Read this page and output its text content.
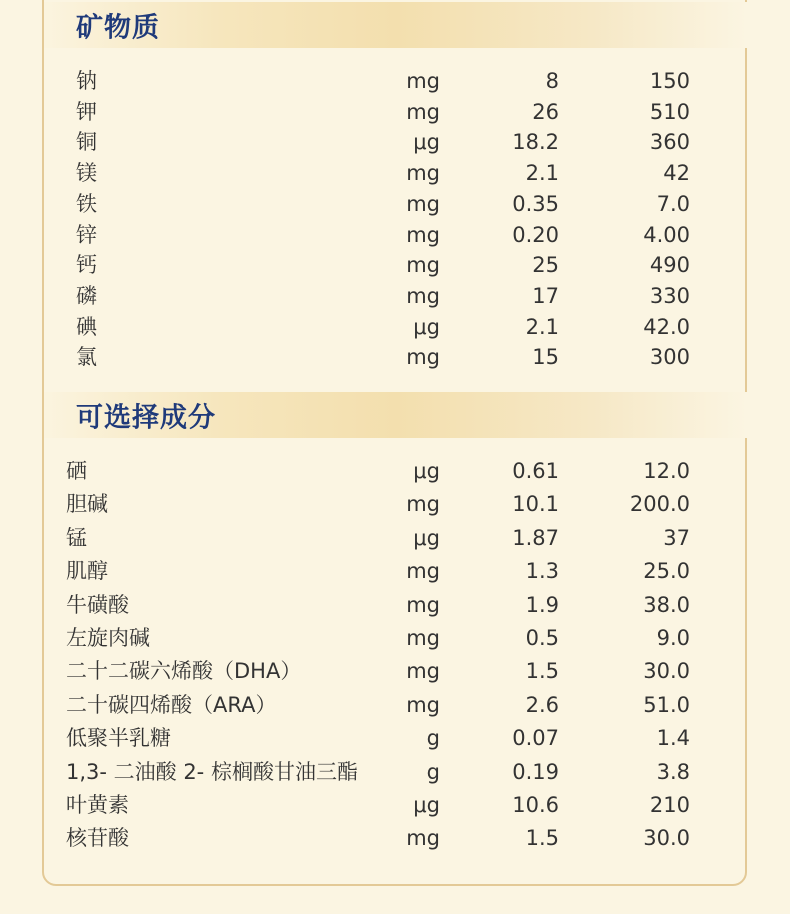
矿物质
钠	mg	8	150
钾	mg	26	510
铜	μg	18.2	360
镁	mg	2.1	42
铁	mg	0.35	7.0
锌	mg	0.20	4.00
钙	mg	25	490
磷	mg	17	330
碘	μg	2.1	42.0
氯	mg	15	300
可选择成分
硒	μg	0.61	12.0
胆碱	mg	10.1	200.0
锰	μg	1.87	37
肌醇	mg	1.3	25.0
牛磺酸	mg	1.9	38.0
左旋肉碱	mg	0.5	9.0
二十二碳六烯酸（DHA）	mg	1.5	30.0
二十碳四烯酸（ARA）	mg	2.6	51.0
低聚半乳糖	g	0.07	1.4
1,3- 二油酸 2- 棕榈酸甘油三酯	g	0.19	3.8
叶黄素	μg	10.6	210
核苷酸	mg	1.5	30.0
